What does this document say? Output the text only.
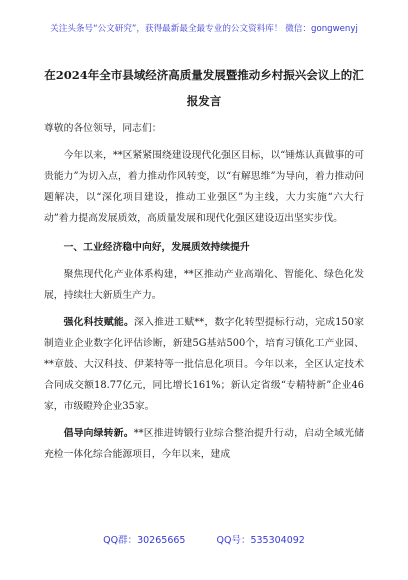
关注头条号“公文研究”，获得最新最全最专业的公文资料库！ 微信：gongwenyj
在2024年全市县域经济高质量发展暨推动乡村振兴会议上的汇报发言

尊敬的各位领导，同志们：

今年以来，**区紧紧围绕建设现代化强区目标，以“锤炼认真做事的可贵能力”为切入点，着力推动作风转变，以“有解思维”为导向，着力推动问题解决，以“深化项目建设，推动工业强区”为主线，大力实施“六大行动”着力提高发展质效，高质量发展和现代化强区建设迈出坚实步伐。

一、工业经济稳中向好，发展质效持续提升

聚焦现代化产业体系构建，**区推动产业高端化、智能化、绿色化发展，持续壮大新质生产力。

强化科技赋能。深入推进工赋**，数字化转型提标行动，完成150家制造业企业数字化评估诊断，新建5G基站500个，培育习镇化工产业园、**章鼓、大汉科技、伊莱特等一批信息化项目。今年以来，全区认定技术合同成交额18.77亿元，同比增长161%；新认定省级“专精特新”企业46家，市级瞪羚企业35家。

倡导向绿转新。**区推进铸锻行业综合整治提升行动，启动全域光储充检一体化综合能源项目，今年以来，建成

QQ群：30265665	QQ号：535304092
